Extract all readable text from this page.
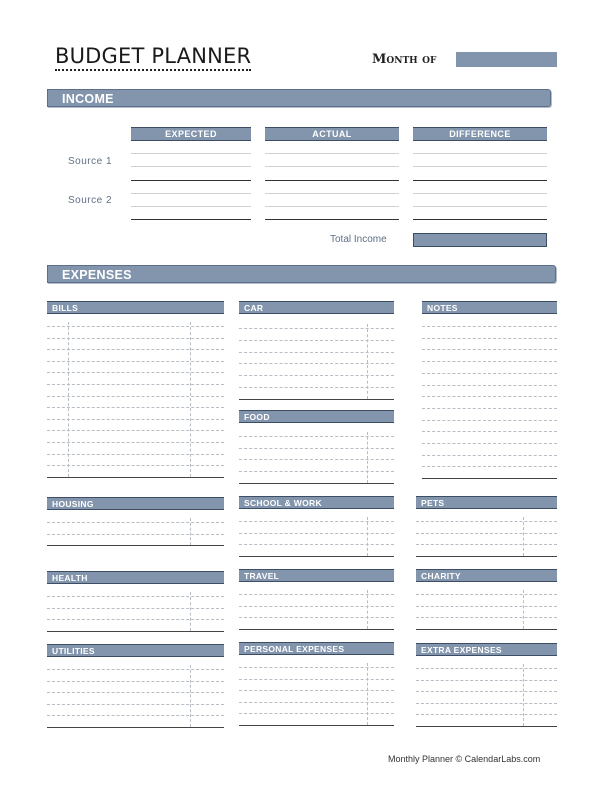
BUDGET PLANNER	Month of
INCOME
EXPECTED	ACTUAL	DIFFERENCE
Source 1
Source 2
Total Income
EXPENSES
BILLS	CAR	NOTES
FOOD
HOUSING	SCHOOL & WORK	PETS
HEALTH	TRAVEL	CHARITY
UTILITIES	PERSONAL EXPENSES	EXTRA EXPENSES
Monthly Planner © CalendarLabs.com
